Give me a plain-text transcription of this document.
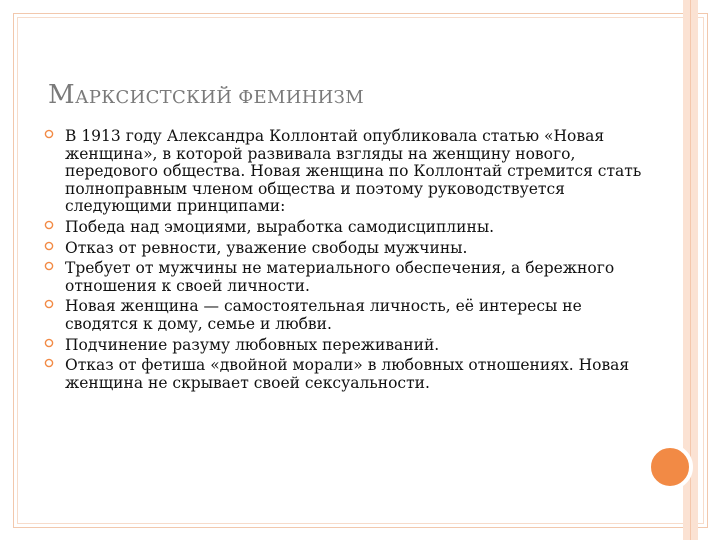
МАРКСИСТСКИЙ ФЕМИНИЗМ
В 1913 году Александра Коллонтай опубликовала статью «Новая женщина», в которой развивала взгляды на женщину нового, передового общества. Новая женщина по Коллонтай стремится стать полноправным членом общества и поэтому руководствуется следующими принципами:
Победа над эмоциями, выработка самодисциплины.
Отказ от ревности, уважение свободы мужчины.
Требует от мужчины не материального обеспечения, а бережного отношения к своей личности.
Новая женщина — самостоятельная личность, её интересы не сводятся к дому, семье и любви.
Подчинение разуму любовных переживаний.
Отказ от фетиша «двойной морали» в любовных отношениях. Новая женщина не скрывает своей сексуальности.
